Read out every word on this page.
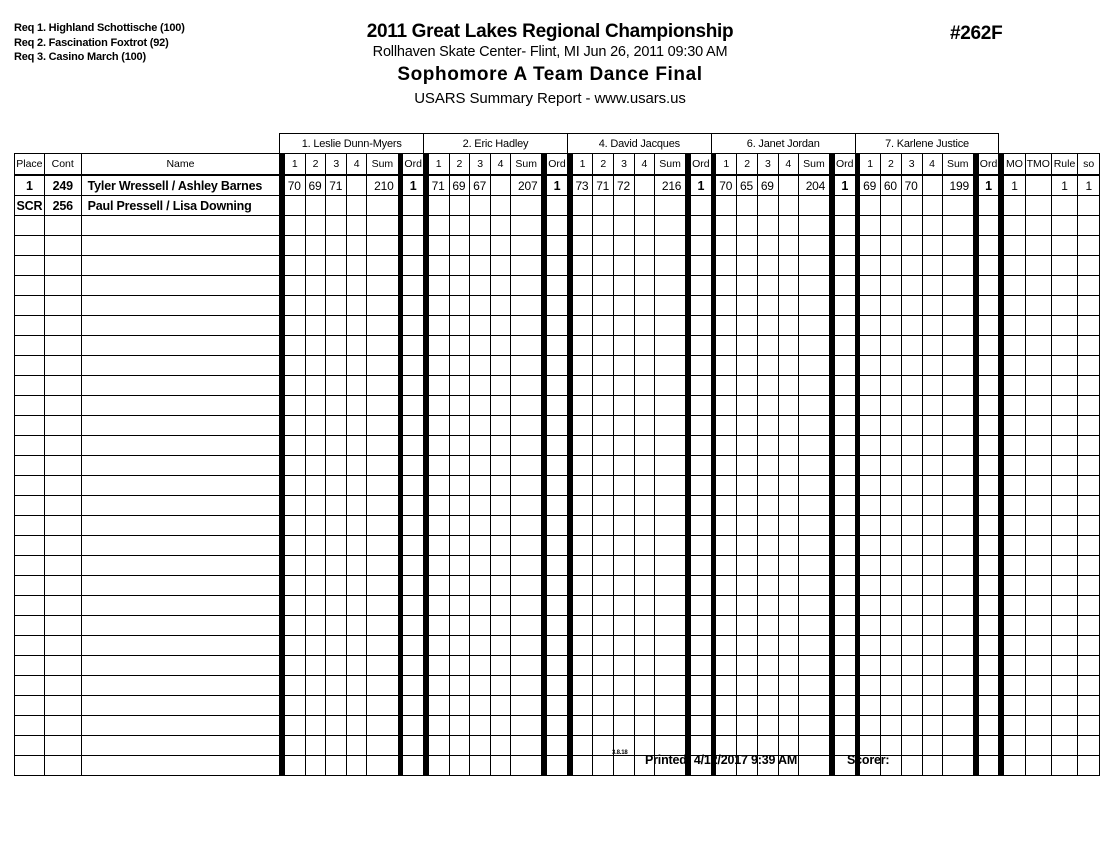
Req 1. Highland Schottische (100)
Req 2. Fascination Foxtrot (92)
Req 3. Casino March (100)
2011 Great Lakes Regional Championship
Rollhaven Skate Center- Flint, MI Jun 26, 2011 09:30 AM
Sophomore A Team Dance Final
USARS Summary Report - www.usars.us
#262F
			1. Leslie Dunn-Myers								2. Eric Hadley								4. David Jacques								6. Janet Jordan								7. Karlene Justice												
Place	Cont	Name		1	2	3	4	Sum		Ord		1	2	3	4	Sum		Ord		1	2	3	4	Sum		Ord		1	2	3	4	Sum		Ord		1	2	3	4	Sum		Ord		MO	TMO	Rule	so
1	249	Tyler Wressell / Ashley Barnes		70	69	71		210		1		71	69	67		207		1		73	71	72		216		1		70	65	69		204		1		69	60	70		199		1		1		1	1
SCR	256	Paul Pressell / Lisa Downing																																													

3.8.18 Printed: 4/12/2017 9:39 AM	Scorer:
